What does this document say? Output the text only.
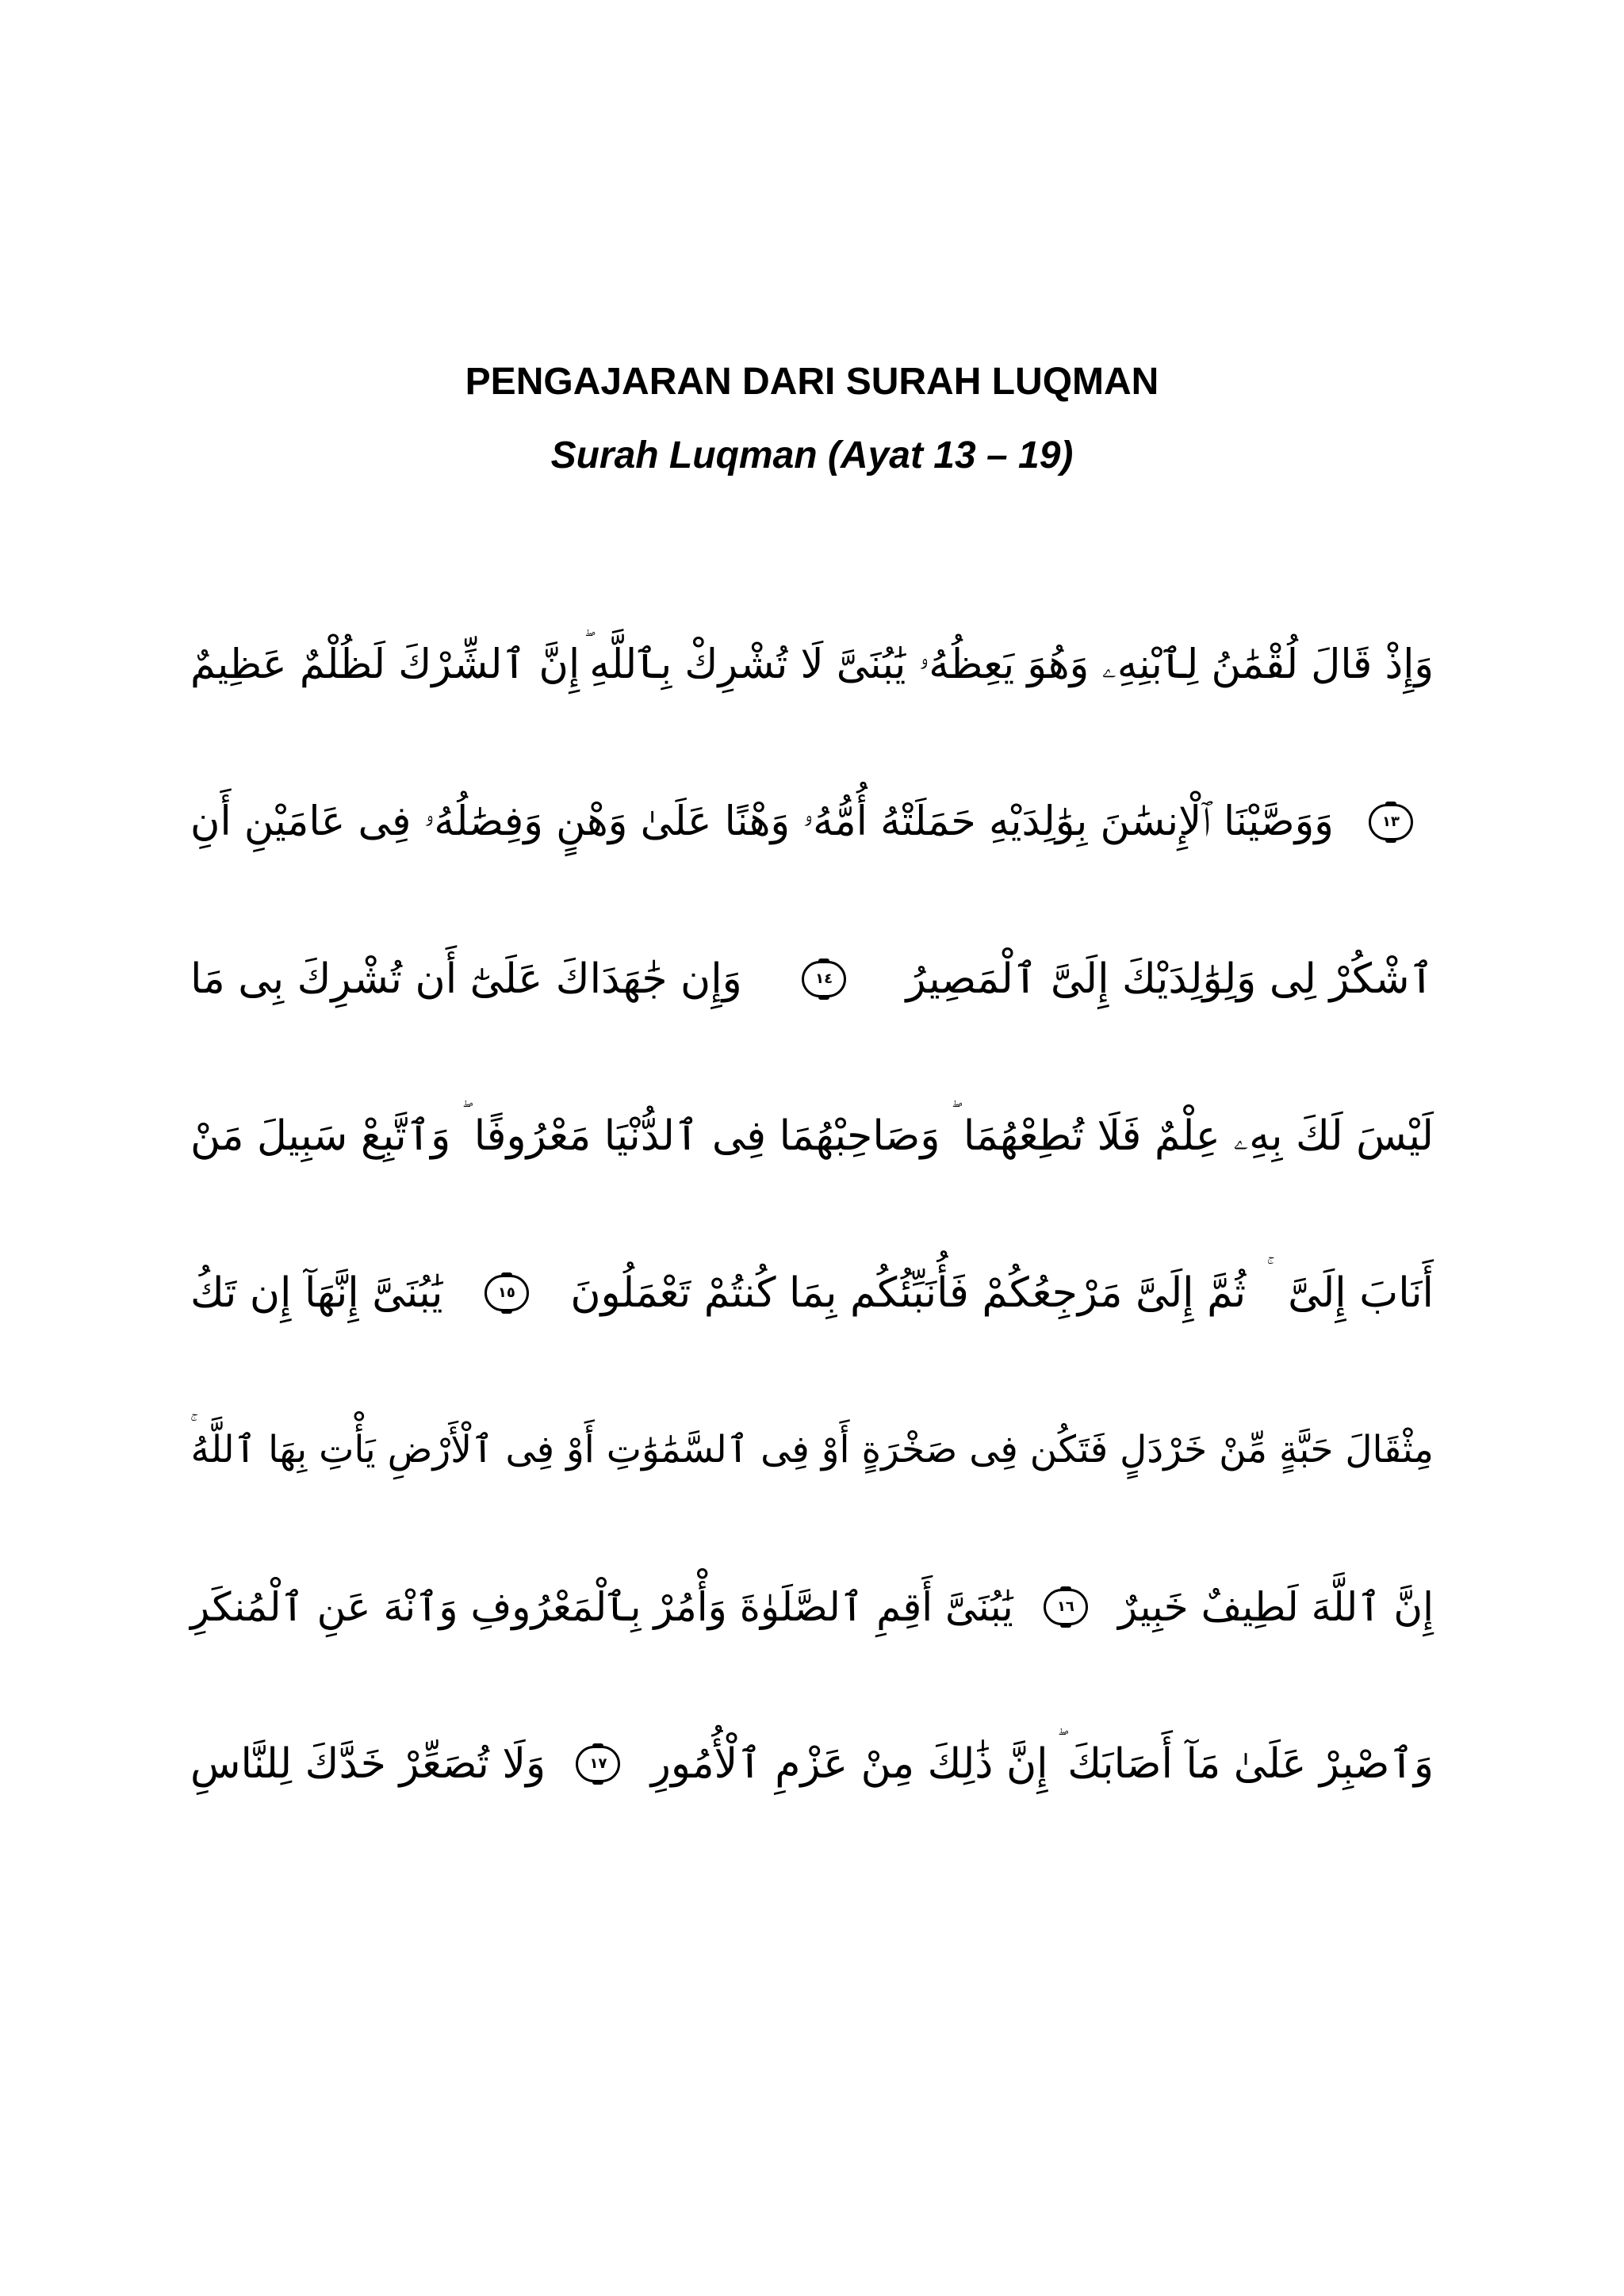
PENGAJARAN DARI SURAH LUQMAN
Surah Luqman (Ayat 13 – 19)
وَإِذْ قَالَ لُقْمَٰنُ لِٱبْنِهِۦ وَهُوَ يَعِظُهُۥ يَٰبُنَىَّ لَا تُشْرِكْ بِٱللَّهِ
إِنَّ ٱلشِّرْكَ لَظُلْمٌ عَظِيمٌ
١٣
وَوَصَّيْنَا ٱلْإِنسَٰنَ بِوَٰلِدَيْهِ حَمَلَتْهُ أُمُّهُۥ وَهْنًا عَلَىٰ وَهْنٍ وَفِصَٰلُهُۥ فِى عَامَيْنِ أَنِ
ٱشْكُرْ لِى وَلِوَٰلِدَيْكَ إِلَىَّ ٱلْمَصِيرُ
١٤
وَإِن جَٰهَدَاكَ عَلَىٰٓ أَن تُشْرِكَ بِى مَا
لَيْسَ لَكَ بِهِۦ عِلْمٌ فَلَا تُطِعْهُمَا
وَصَاحِبْهُمَا فِى ٱلدُّنْيَا مَعْرُوفًا
وَٱتَّبِعْ سَبِيلَ مَنْ
أَنَابَ إِلَىَّ
ثُمَّ إِلَىَّ مَرْجِعُكُمْ فَأُنَبِّئُكُم بِمَا كُنتُمْ تَعْمَلُونَ
١٥
يَٰبُنَىَّ إِنَّهَآ إِن تَكُ
مِثْقَالَ حَبَّةٍ مِّنْ خَرْدَلٍ فَتَكُن فِى صَخْرَةٍ أَوْ فِى ٱلسَّمَٰوَٰتِ أَوْ فِى ٱلْأَرْضِ يَأْتِ بِهَا ٱللَّهُ
إِنَّ ٱللَّهَ لَطِيفٌ خَبِيرٌ
١٦
يَٰبُنَىَّ أَقِمِ ٱلصَّلَوٰةَ وَأْمُرْ بِٱلْمَعْرُوفِ وَٱنْهَ عَنِ ٱلْمُنكَرِ
وَٱصْبِرْ عَلَىٰ مَآ أَصَابَكَ
إِنَّ ذَٰلِكَ مِنْ عَزْمِ ٱلْأُمُورِ
١٧
وَلَا تُصَعِّرْ خَدَّكَ لِلنَّاسِ
